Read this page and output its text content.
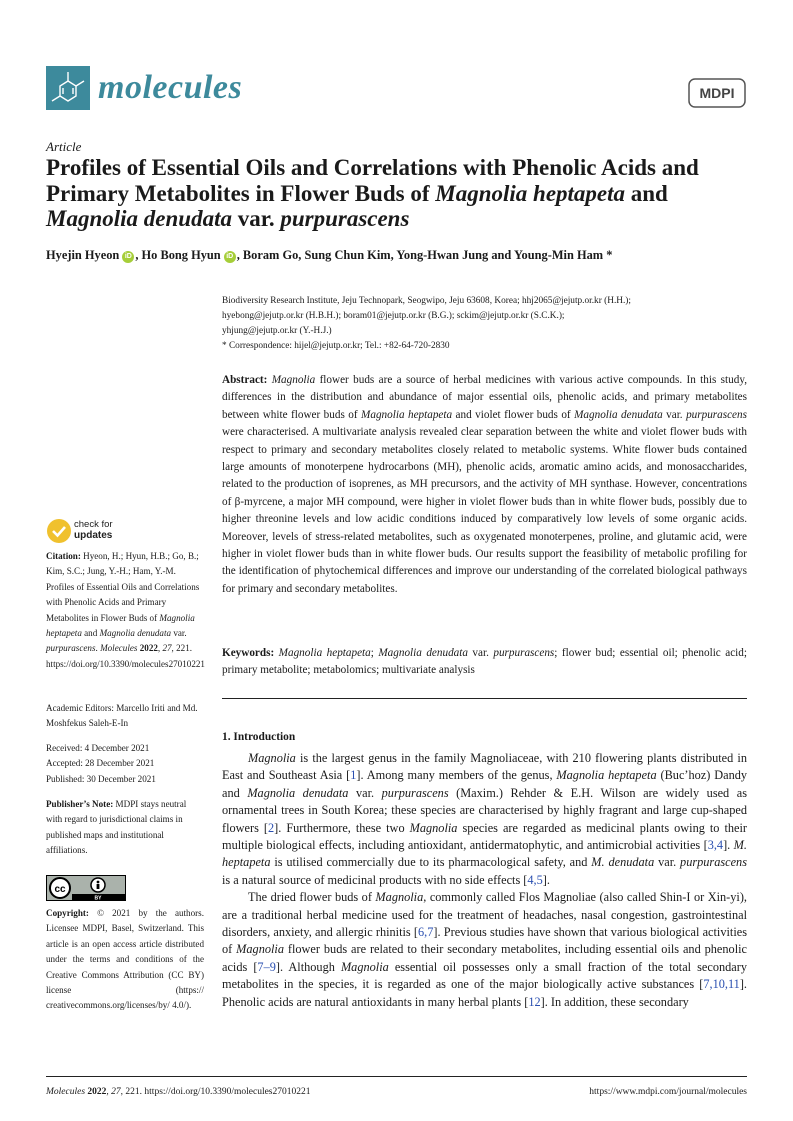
molecules	MDPI
Article
Profiles of Essential Oils and Correlations with Phenolic Acids and Primary Metabolites in Flower Buds of Magnolia heptapeta and Magnolia denudata var. purpurascens
Hyejin Hyeon iD , Ho Bong Hyun iD , Boram Go, Sung Chun Kim, Yong-Hwan Jung and Young-Min Ham *
Biodiversity Research Institute, Jeju Technopark, Seogwipo, Jeju 63608, Korea; hhj2065@jejutp.or.kr (H.H.);
hyebong@jejutp.or.kr (H.B.H.); boram01@jejutp.or.kr (B.G.); sckim@jejutp.or.kr (S.C.K.);
yhjung@jejutp.or.kr (Y.-H.J.)
* Correspondence: hijel@jejutp.or.kr; Tel.: +82-64-720-2830
Abstract: Magnolia flower buds are a source of herbal medicines with various active compounds. In this study, differences in the distribution and abundance of major essential oils, phenolic acids, and primary metabolites between white flower buds of Magnolia heptapeta and violet flower buds of Magnolia denudata var. purpurascens were characterised. A multivariate analysis revealed clear separation between the white and violet flower buds with respect to primary and secondary metabolites closely related to metabolic systems. White flower buds contained large amounts of monoterpene hydrocarbons (MH), phenolic acids, aromatic amino acids, and monosaccharides, related to the production of isoprenes, as MH precursors, and the activity of MH synthase. However, concentrations of β-myrcene, a major MH compound, were higher in violet flower buds than in white flower buds, possibly due to higher threonine levels and low acidic conditions induced by comparatively low levels of some organic acids. Moreover, levels of stress-related metabolites, such as oxygenated monoterpenes, proline, and glutamic acid, were higher in violet flower buds than in white flower buds. Our results support the feasibility of metabolic profiling for the identification of phytochemical differences and improve our understanding of the correlated biological pathways for primary and secondary metabolites.
Keywords: Magnolia heptapeta; Magnolia denudata var. purpurascens; flower bud; essential oil; phenolic acid; primary metabolite; metabolomics; multivariate analysis
1. Introduction

Magnolia is the largest genus in the family Magnoliaceae, with 210 flowering plants distributed in East and Southeast Asia [1]. Among many members of the genus, Magnolia heptapeta (Buc’hoz) Dandy and Magnolia denudata var. purpurascens (Maxim.) Rehder & E.H. Wilson are widely used as ornamental trees in South Korea; these species are characterised by highly fragrant and large cup-shaped flowers [2]. Furthermore, these two Magnolia species are regarded as medicinal plants owing to their multiple biological effects, including antioxidant, antidermatophytic, and antimicrobial activities [3,4]. M. heptapeta is utilised commercially due to its pharmacological safety, and M. denudata var. purpurascens is a natural source of medicinal products with no side effects [4,5].

The dried flower buds of Magnolia, commonly called Flos Magnoliae (also called Shin-I or Xin-yi), are a traditional herbal medicine used for the treatment of headaches, nasal congestion, gastrointestinal disorders, anxiety, and allergic rhinitis [6,7]. Previous studies have shown that various biological activities of Magnolia flower buds are related to their secondary metabolites, including essential oils and phenolic acids [7–9]. Although Magnolia essential oil possesses only a small fraction of the total secondary metabolites in the species, it is regarded as one of the major biologically active substances [7,10,11]. Phenolic acids are natural antioxidants in many herbal plants [12]. In addition, these secondary

check for
updates
Citation: Hyeon, H.; Hyun, H.B.; Go, B.; Kim, S.C.; Jung, Y.-H.; Ham, Y.-M. Profiles of Essential Oils and Correlations with Phenolic Acids and Primary Metabolites in Flower Buds of Magnolia heptapeta and Magnolia denudata var. purpurascens. Molecules 2022, 27, 221. https://doi.org/10.3390/molecules27010221
Academic Editors: Marcello Iriti and Md. Moshfekus Saleh-E-In
Received: 4 December 2021
Accepted: 28 December 2021
Published: 30 December 2021
Publisher’s Note: MDPI stays neutral with regard to jurisdictional claims in published maps and institutional affiliations.
cc
BY
Copyright: © 2021 by the authors. Licensee MDPI, Basel, Switzerland. This article is an open access article distributed under the terms and conditions of the Creative Commons Attribution (CC BY) license (https:// creativecommons.org/licenses/by/ 4.0/).
Molecules 2022, 27, 221. https://doi.org/10.3390/molecules27010221	https://www.mdpi.com/journal/molecules
